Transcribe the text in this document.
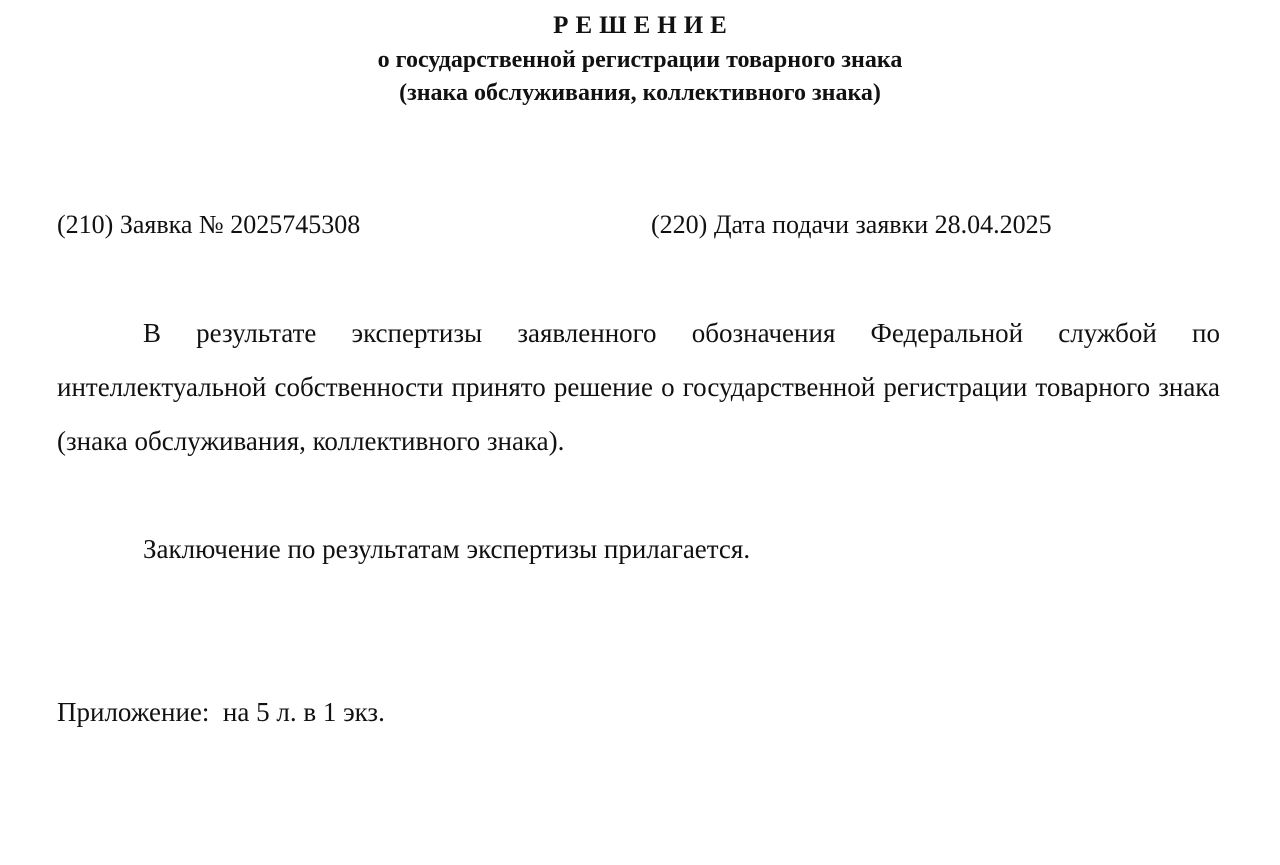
РЕШЕНИЕ

о государственной регистрации товарного знака

(знака обслуживания, коллективного знака)

(210) Заявка № 2025745308	(220) Дата подачи заявки 28.04.2025

В результате экспертизы заявленного обозначения Федеральной службой по интеллектуальной собственности принято решение о государственной регистрации товарного знака (знака обслуживания, коллективного знака).

Заключение по результатам экспертизы прилагается.

Приложение:  на 5 л. в 1 экз.
